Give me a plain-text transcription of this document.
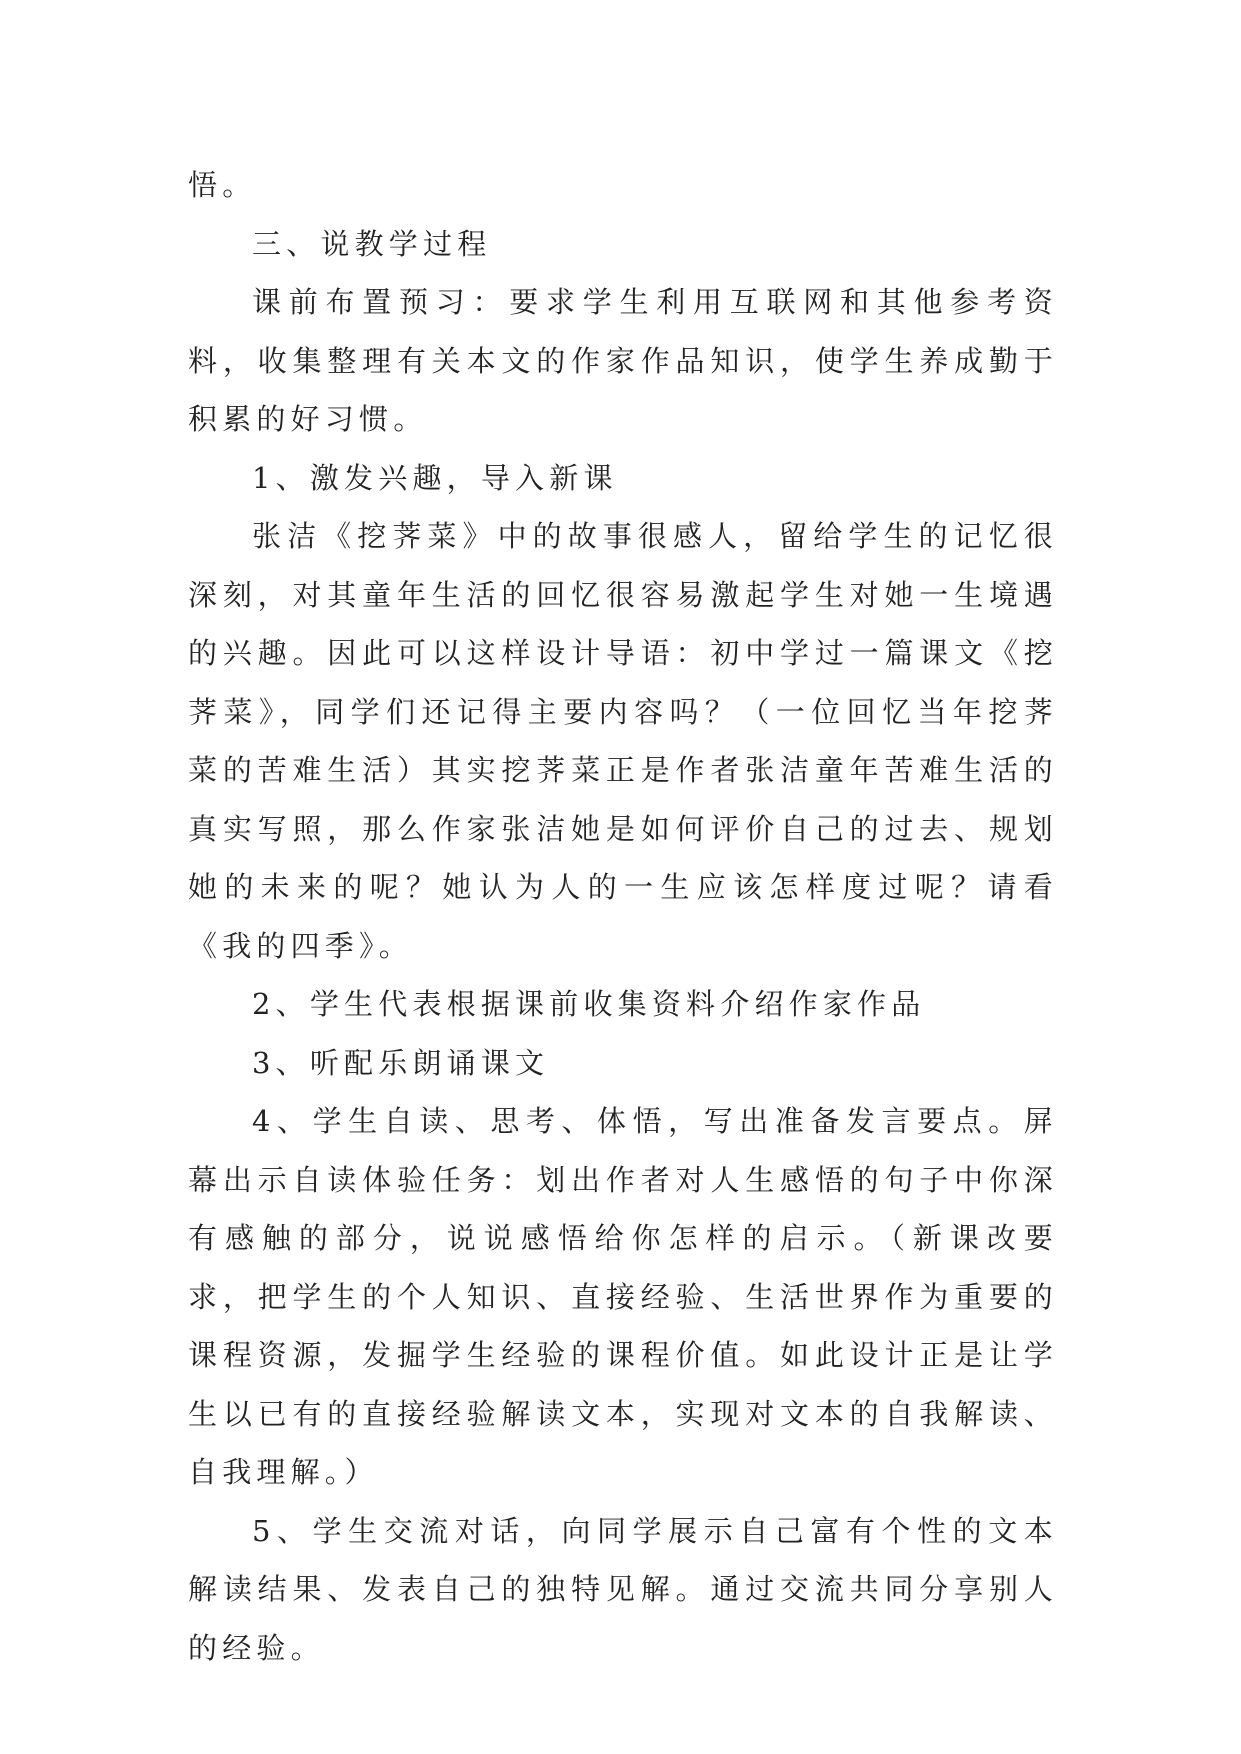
悟。

三、说教学过程

课前布置预习：要求学生利用互联网和其他参考资料，收集整理有关本文的作家作品知识，使学生养成勤于积累的好习惯。

1、激发兴趣，导入新课

张洁《挖荠菜》中的故事很感人，留给学生的记忆很深刻，对其童年生活的回忆很容易激起学生对她一生境遇的兴趣。因此可以这样设计导语：初中学过一篇课文《挖荠菜》，同学们还记得主要内容吗？（一位回忆当年挖荠菜的苦难生活）其实挖荠菜正是作者张洁童年苦难生活的真实写照，那么作家张洁她是如何评价自己的过去、规划她的未来的呢？她认为人的一生应该怎样度过呢？请看《我的四季》。

2、学生代表根据课前收集资料介绍作家作品

3、听配乐朗诵课文

4、学生自读、思考、体悟，写出准备发言要点。屏幕出示自读体验任务：划出作者对人生感悟的句子中你深有感触的部分，说说感悟给你怎样的启示。（新课改要求，把学生的个人知识、直接经验、生活世界作为重要的课程资源，发掘学生经验的课程价值。如此设计正是让学生以已有的直接经验解读文本，实现对文本的自我解读、自我理解。）

5、学生交流对话，向同学展示自己富有个性的文本解读结果、发表自己的独特见解。通过交流共同分享别人的经验。
